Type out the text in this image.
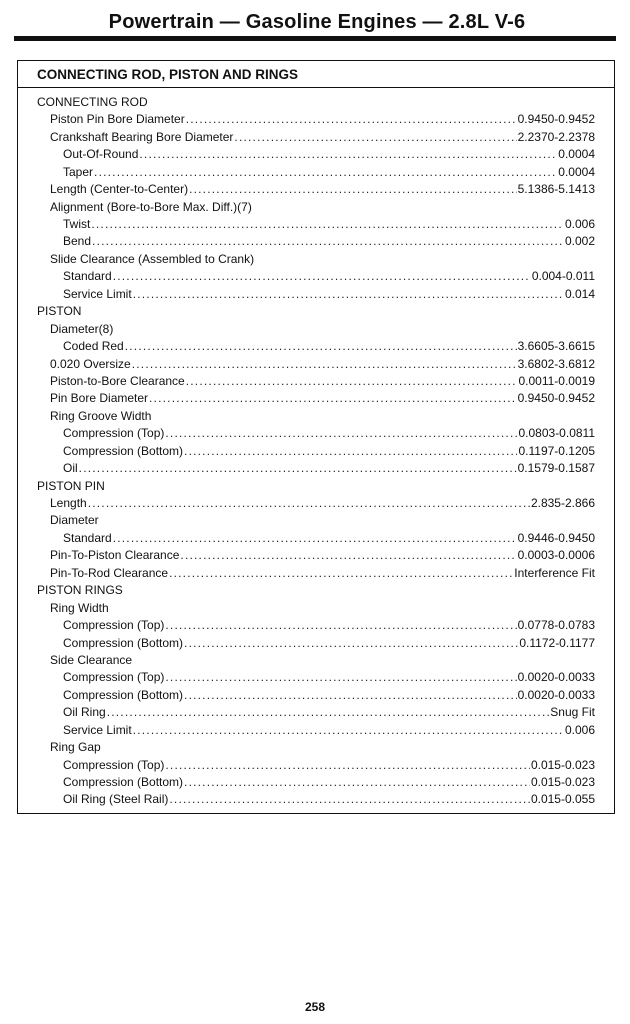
Powertrain — Gasoline Engines — 2.8L V-6
CONNECTING ROD, PISTON AND RINGS
CONNECTING ROD
Piston Pin Bore Diameter .....	0.9450-0.9452
Crankshaft Bearing Bore Diameter .....	2.2370-2.2378
Out-Of-Round .....	0.0004
Taper .....	0.0004
Length (Center-to-Center) .....	5.1386-5.1413
Alignment (Bore-to-Bore Max. Diff.)(7)
Twist .....	0.006
Bend .....	0.002
Slide Clearance (Assembled to Crank)
Standard .....	0.004-0.011
Service Limit .....	0.014
PISTON
Diameter(8)
Coded Red .....	3.6605-3.6615
0.020 Oversize .....	3.6802-3.6812
Piston-to-Bore Clearance .....	0.0011-0.0019
Pin Bore Diameter .....	0.9450-0.9452
Ring Groove Width
Compression (Top) .....	0.0803-0.0811
Compression (Bottom) .....	0.1197-0.1205
Oil .....	0.1579-0.1587
PISTON PIN
Length .....	2.835-2.866
Diameter
Standard .....	0.9446-0.9450
Pin-To-Piston Clearance .....	0.0003-0.0006
Pin-To-Rod Clearance .....	Interference Fit
PISTON RINGS
Ring Width
Compression (Top) .....	0.0778-0.0783
Compression (Bottom) .....	0.1172-0.1177
Side Clearance
Compression (Top) .....	0.0020-0.0033
Compression (Bottom) .....	0.0020-0.0033
Oil Ring .....	Snug Fit
Service Limit .....	0.006
Ring Gap
Compression (Top) .....	0.015-0.023
Compression (Bottom) .....	0.015-0.023
Oil Ring (Steel Rail) .....	0.015-0.055
258
